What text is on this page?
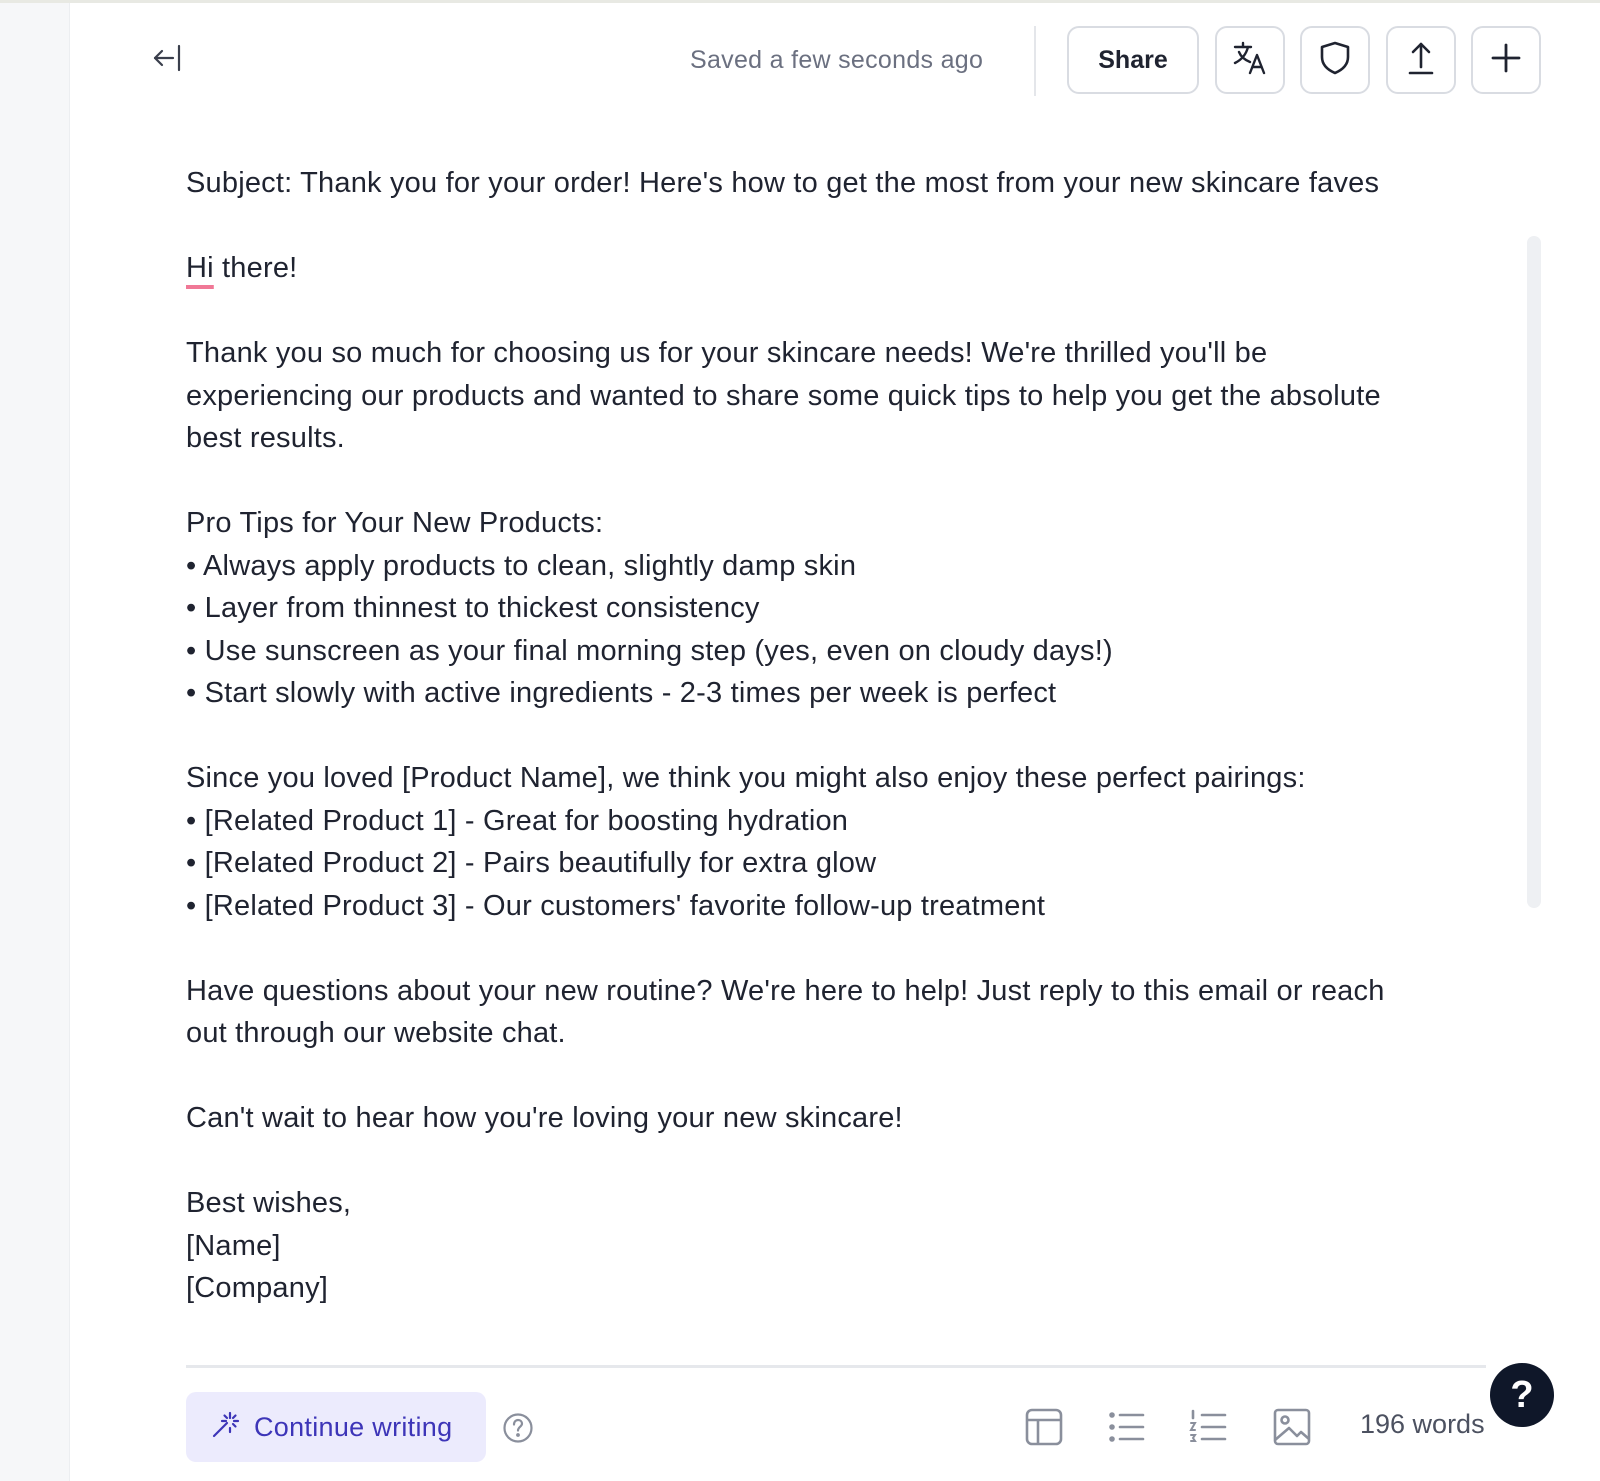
Saved a few seconds ago	Share

Subject: Thank you for your order! Here's how to get the most from your new skincare faves

Hi there!

Thank you so much for choosing us for your skincare needs! We're thrilled you'll be experiencing our products and wanted to share some quick tips to help you get the absolute best results.

Pro Tips for Your New Products:
• Always apply products to clean, slightly damp skin
• Layer from thinnest to thickest consistency
• Use sunscreen as your final morning step (yes, even on cloudy days!)
• Start slowly with active ingredients - 2-3 times per week is perfect
Since you loved [Product Name], we think you might also enjoy these perfect pairings:
• [Related Product 1] - Great for boosting hydration
• [Related Product 2] - Pairs beautifully for extra glow
• [Related Product 3] - Our customers' favorite follow-up treatment

Have questions about your new routine? We're here to help! Just reply to this email or reach out through our website chat.

Can't wait to hear how you're loving your new skincare!

Best wishes,
[Name]
[Company]
Continue writing	196 words
?
